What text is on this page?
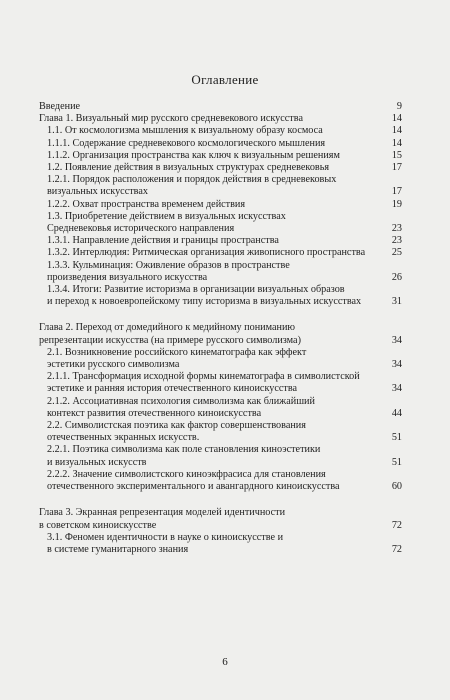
Оглавление
Введение	9
Глава 1. Визуальный мир русского средневекового искусства	14
1.1. От космологизма мышления к визуальному образу космоса	14
1.1.1. Содержание средневекового космологического мышления	14
1.1.2. Организация пространства как ключ к визуальным решениям	15
1.2. Появление действия в визуальных структурах средневековья	17
1.2.1. Порядок расположения и порядок действия в средневековых
визуальных искусствах	17
1.2.2. Охват пространства временем действия	19
1.3. Приобретение действием в визуальных искусствах
Средневековья исторического направления	23
1.3.1. Направление действия и границы пространства	23
1.3.2. Интерлюдия: Ритмическая организация живописного пространства	25
1.3.3. Кульминация: Оживление образов в пространстве
произведения визуального искусства	26
1.3.4. Итоги: Развитие историзма в организации визуальных образов
и переход к новоевропейскому типу историзма в визуальных искусствах	31
Глава 2. Переход от домедийного к медийному пониманию
репрезентации искусства (на примере русского символизма)	34
2.1. Возникновение российского кинематографа как эффект
эстетики русского символизма	34
2.1.1. Трансформация исходной формы кинематографа в символистской
эстетике и ранняя история отечественного киноискусства	34
2.1.2. Ассоциативная психология символизма как ближайший
контекст развития отечественного киноискусства	44
2.2. Символистская поэтика как фактор совершенствования
отечественных экранных искусств.	51
2.2.1. Поэтика символизма как поле становления киноэстетики
и визуальных искусств	51
2.2.2. Значение символистского киноэкфрасиса для становления
отечественного экспериментального и авангардного киноискусства	60
Глава 3. Экранная репрезентация моделей идентичности
в советском киноискусстве	72
3.1. Феномен идентичности в науке о киноискусстве и
в системе гуманитарного знания	72
6
